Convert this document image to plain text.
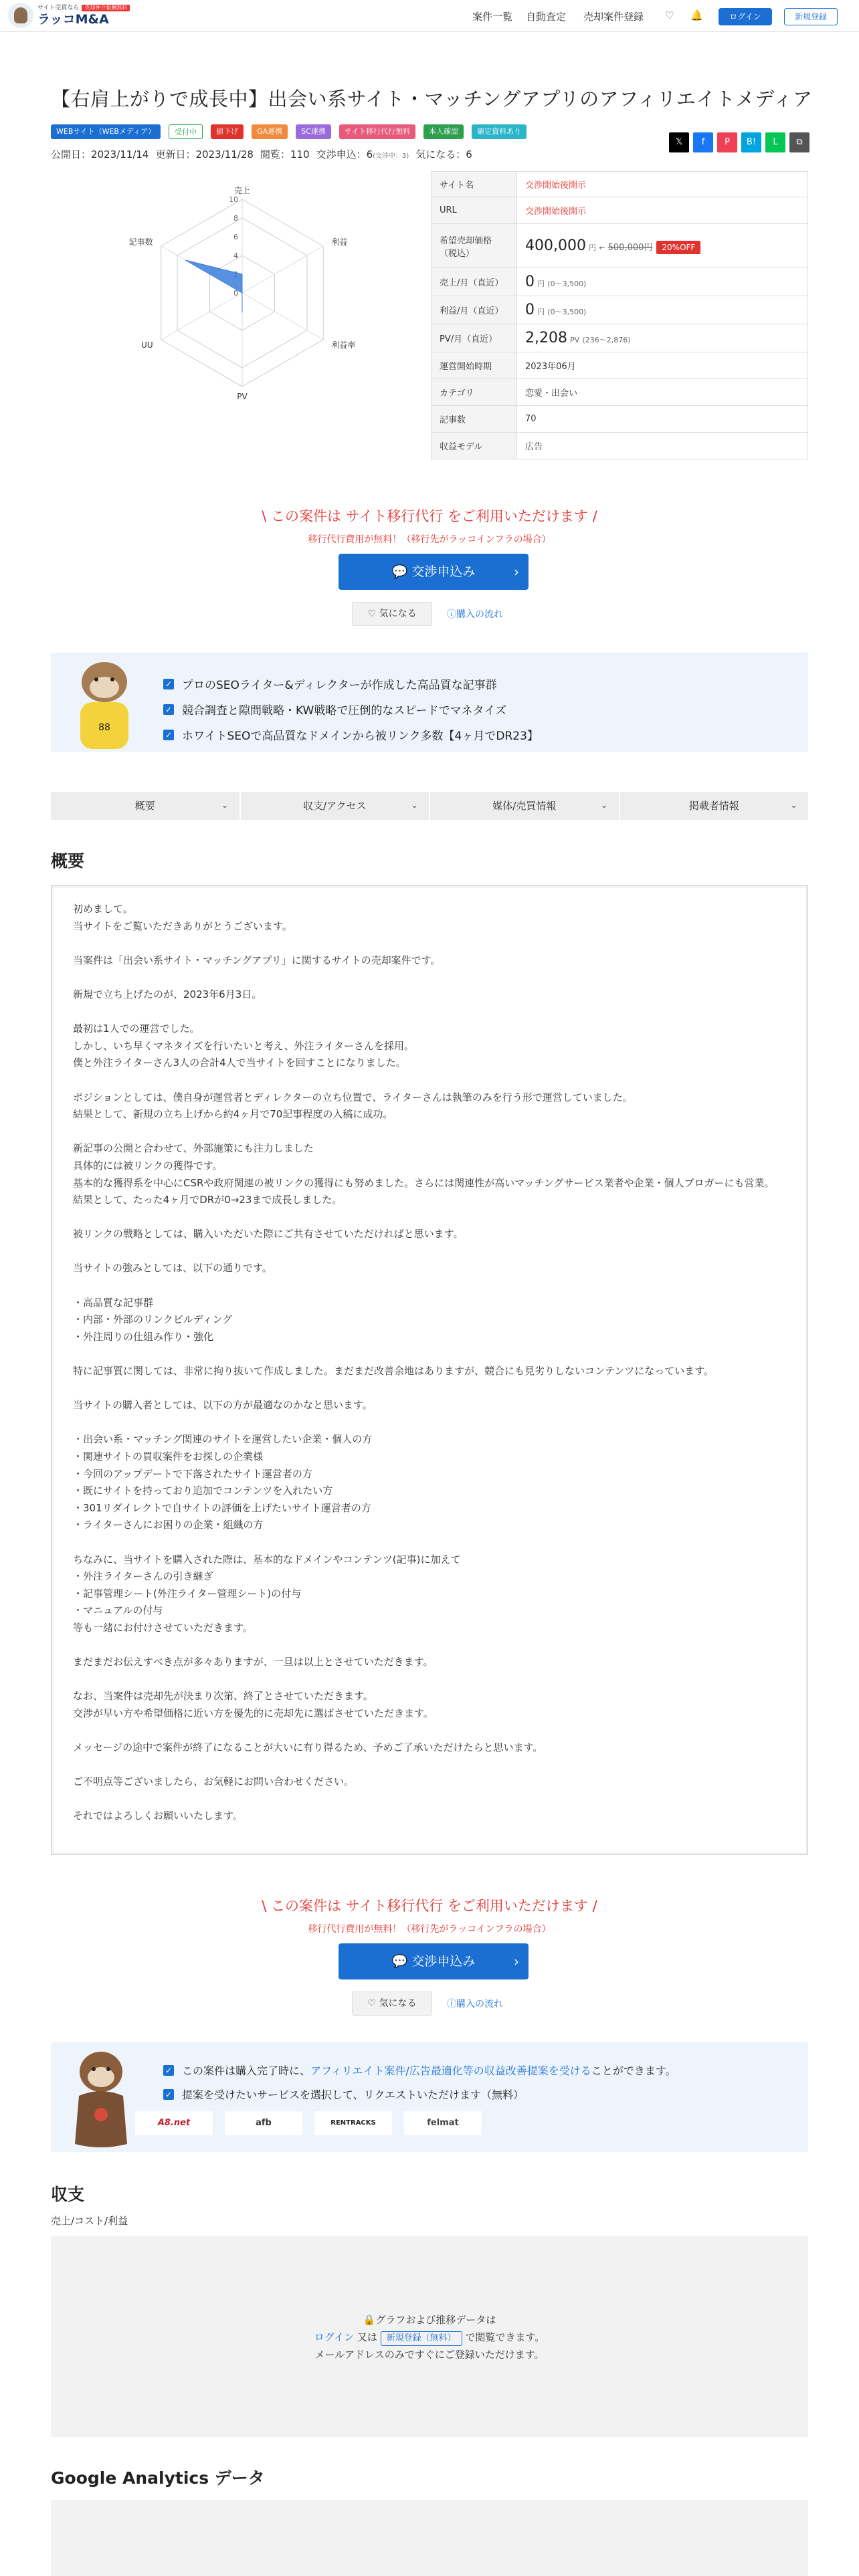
サイト売買なら	売却仲介報酬無料
ラッコM&A	案件一覧 自動査定 売却案件登録 ♡ 🔔	ログイン	新規登録
【右肩上がりで成長中】出会い系サイト・マッチングアプリのアフィリエイトメディア
WEBサイト（WEBメディア）	受付中	値下げ	GA連携	SC連携	サイト移行代行無料	本人確認	確定資料あり
公開日：2023/11/14 更新日：2023/11/28 閲覧：110 交渉申込：6(交渉中：3) 気になる：6
𝕏	f	P	B!	L	⧉
0
4
6
8
10
売上
利益
利益率
PV
UU
記事数
サイト名	交渉開始後開示
URL	交渉開始後開示
希望売却価格（税込）	400,000 円 ← 500,000円 20%OFF
売上/月（直近）	0 円 (0〜3,500)
利益/月（直近）	0 円 (0〜3,500)
PV/月（直近）	2,208 PV (236〜2,876)
運営開始時期	2023年06月
カテゴリ	恋愛・出会い
記事数	70
収益モデル	広告
\ この案件は サイト移行代行 をご利用いただけます /
移行代行費用が無料！（移行先がラッコインフラの場合）
💬 交渉申込み	›
♡ 気になる	ⓘ購入の流れ
88
✓ プロのSEOライター&ディレクターが作成した高品質な記事群
✓ 競合調査と隙間戦略・KW戦略で圧倒的なスピードでマネタイズ
✓ ホワイトSEOで高品質なドメインから被リンク多数【4ヶ月でDR23】
概要	⌄	収支/アクセス	⌄	媒体/売買情報	⌄	掲載者情報	⌄
概要
初めまして。
当サイトをご覧いただきありがとうございます。

当案件は「出会い系サイト・マッチングアプリ」に関するサイトの売却案件です。

新規で立ち上げたのが、2023年6月3日。

最初は1人での運営でした。
しかし、いち早くマネタイズを行いたいと考え、外注ライターさんを採用。
僕と外注ライターさん3人の合計4人で当サイトを回すことになりました。

ポジションとしては、僕自身が運営者とディレクターの立ち位置で、ライターさんは執筆のみを行う形で運営していました。
結果として、新規の立ち上げから約4ヶ月で70記事程度の入稿に成功。

新記事の公開と合わせて、外部施策にも注力しました
具体的には被リンクの獲得です。
基本的な獲得系を中心にCSRや政府関連の被リンクの獲得にも努めました。さらには関連性が高いマッチングサービス業者や企業・個人ブロガーにも営業。
結果として、たった4ヶ月でDRが0→23まで成長しました。

被リンクの戦略としては、購入いただいた際にご共有させていただければと思います。

当サイトの強みとしては、以下の通りです。

・高品質な記事群
・内部・外部のリンクビルディング
・外注周りの仕組み作り・強化

特に記事質に関しては、非常に拘り抜いて作成しました。まだまだ改善余地はありますが、競合にも見劣りしないコンテンツになっています。

当サイトの購入者としては、以下の方が最適なのかなと思います。

・出会い系・マッチング関連のサイトを運営したい企業・個人の方
・関連サイトの買収案件をお探しの企業様
・今回のアップデートで下落されたサイト運営者の方
・既にサイトを持っており追加でコンテンツを入れたい方
・301リダイレクトで自サイトの評価を上げたいサイト運営者の方
・ライターさんにお困りの企業・組織の方

ちなみに、当サイトを購入された際は、基本的なドメインやコンテンツ(記事)に加えて
・外注ライターさんの引き継ぎ
・記事管理シート(外注ライター管理シート)の付与
・マニュアルの付与
等も一緒にお付けさせていただきます。

まだまだお伝えすべき点が多々ありますが、一旦は以上とさせていただきます。

なお、当案件は売却先が決まり次第、終了とさせていただきます。
交渉が早い方や希望価格に近い方を優先的に売却先に選ばさせていただきます。

メッセージの途中で案件が終了になることが大いに有り得るため、予めご了承いただけたらと思います。

ご不明点等ございましたら、お気軽にお問い合わせください。

それではよろしくお願いいたします。
\ この案件は サイト移行代行 をご利用いただけます /
移行代行費用が無料！（移行先がラッコインフラの場合）
💬 交渉申込み	›
♡ 気になる	ⓘ購入の流れ
✓ この案件は購入完了時に、 アフィリエイト案件/広告最適化等の収益改善提案を受ける ことができます。
✓ 提案を受けたいサービスを選択して、リクエストいただけます（無料）
A8.net	afb	RENTRACKS	felmat
収支
売上/コスト/利益
🔒グラフおよび推移データは
ログイン 又は 新規登録（無料） で閲覧できます。
メールアドレスのみですぐにご登録いただけます。
Google Analytics データ
